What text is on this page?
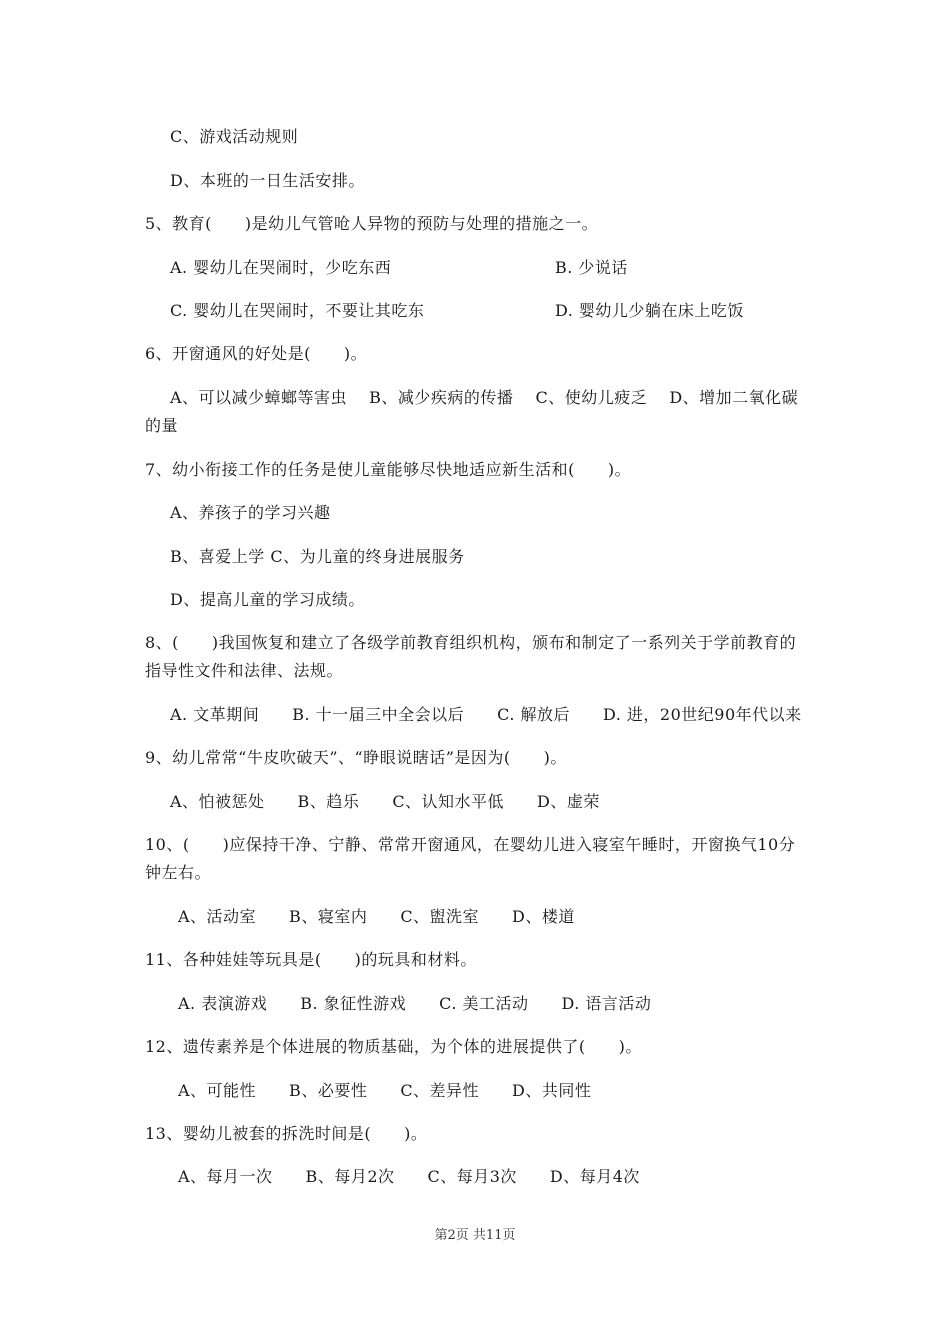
C、游戏活动规则
D、本班的一日生活安排。
5、教育(　　)是幼儿气管呛人异物的预防与处理的措施之一。
A. 婴幼儿在哭闹时，少吃东西	B. 少说话
C. 婴幼儿在哭闹时，不要让其吃东	D. 婴幼儿少躺在床上吃饭
6、开窗通风的好处是(　　)。
A、可以减少蟑螂等害虫　 B、减少疾病的传播　 C、使幼儿疲乏　 D、增加二氧化碳
的量
7、幼小衔接工作的任务是使儿童能够尽快地适应新生活和(　　)。
A、养孩子的学习兴趣
B、喜爱上学 C、为儿童的终身进展服务
D、提高儿童的学习成绩。
8、(　　)我国恢复和建立了各级学前教育组织机构，颁布和制定了一系列关于学前教育的
指导性文件和法律、法规。
A. 文革期间　　B. 十一届三中全会以后　　C. 解放后　　D. 进，20世纪90年代以来
9、幼儿常常“牛皮吹破天”、“睁眼说瞎话”是因为(　　)。
A、怕被惩处　　B、趋乐　　C、认知水平低　　D、虚荣
10、(　　)应保持干净、宁静、常常开窗通风，在婴幼儿进入寝室午睡时，开窗换气10分
钟左右。
A、活动室　　B、寝室内　　C、盥洗室　　D、楼道
11、各种娃娃等玩具是(　　)的玩具和材料。
A. 表演游戏　　B. 象征性游戏　　C. 美工活动　　D. 语言活动
12、遗传素养是个体进展的物质基础，为个体的进展提供了(　　)。
A、可能性　　B、必要性　　C、差异性　　D、共同性
13、婴幼儿被套的拆洗时间是(　　)。
A、每月一次　　B、每月2次　　C、每月3次　　D、每月4次
第2页 共11页
